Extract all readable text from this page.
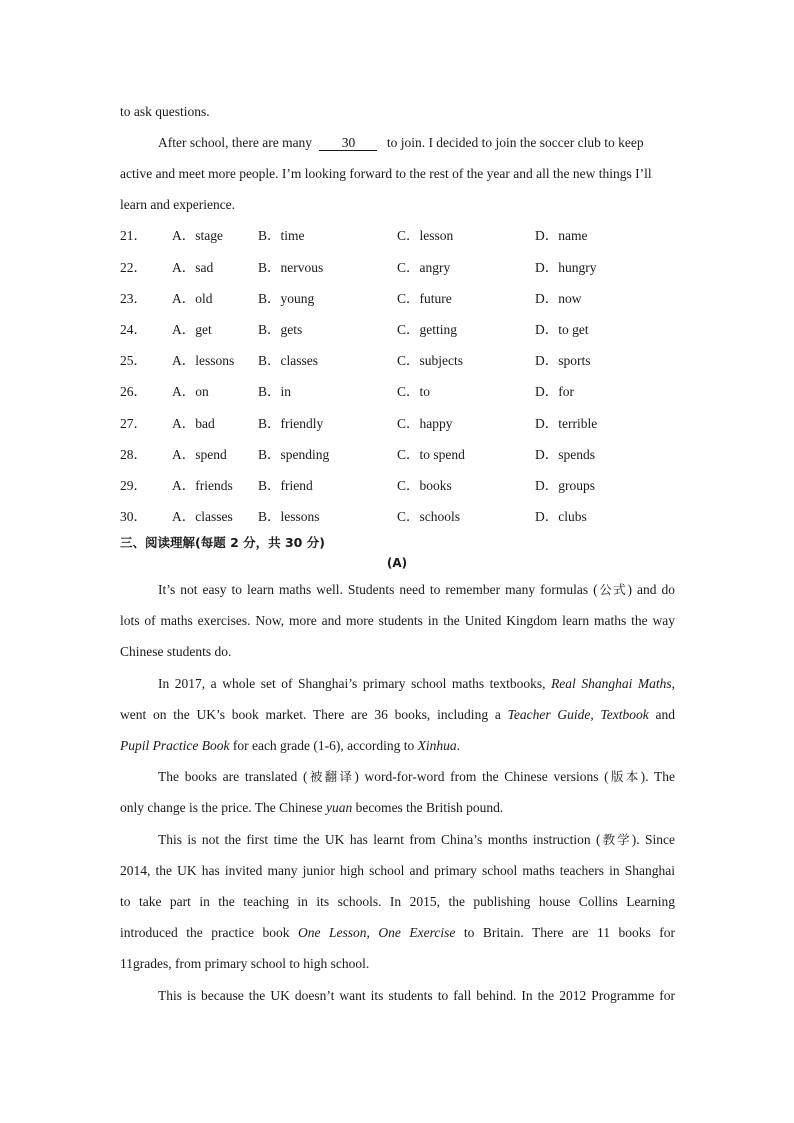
to ask questions.
After school, there are many 30 to join. I decided to join the soccer club to keep
active and meet more people. I’m looking forward to the rest of the year and all the new things I’ll
learn and experience.
21． A．stage	B．time	C．lesson	D．name
22． A．sad	B．nervous	C．angry	D．hungry
23． A．old	B．young	C．future	D．now
24． A．get	B．gets	C．getting	D．to get
25． A．lessons B．classes	C．subjects	D．sports
26． A．on	B．in	C．to	D．for
27． A．bad	B．friendly	C．happy	D．terrible
28． A．spend B．spending	C．to spend	D．spends
29． A．friends B．friend	C．books	D．groups
30． A．classes B．lessons	C．schools	D．clubs
三、阅读理解(每题 2 分，共 30 分)
(A)
It’s not easy to learn maths well. Students need to remember many formulas (公式) and do
lots of maths exercises. Now, more and more students in the United Kingdom learn maths the way
Chinese students do.
In 2017, a whole set of Shanghai’s primary school maths textbooks, Real Shanghai Maths,
went on the UK’s book market. There are 36 books, including a Teacher Guide, Textbook and
Pupil Practice Book for each grade (1-6), according to Xinhua.
The books are translated (被翻译) word-for-word from the Chinese versions (版本). The
only change is the price. The Chinese yuan becomes the British pound.
This is not the first time the UK has learnt from China’s months instruction (教学). Since
2014, the UK has invited many junior high school and primary school maths teachers in Shanghai
to take part in the teaching in its schools. In 2015, the publishing house Collins Learning
introduced the practice book One Lesson, One Exercise to Britain. There are 11 books for
11grades, from primary school to high school.
This is because the UK doesn’t want its students to fall behind. In the 2012 Programme for
